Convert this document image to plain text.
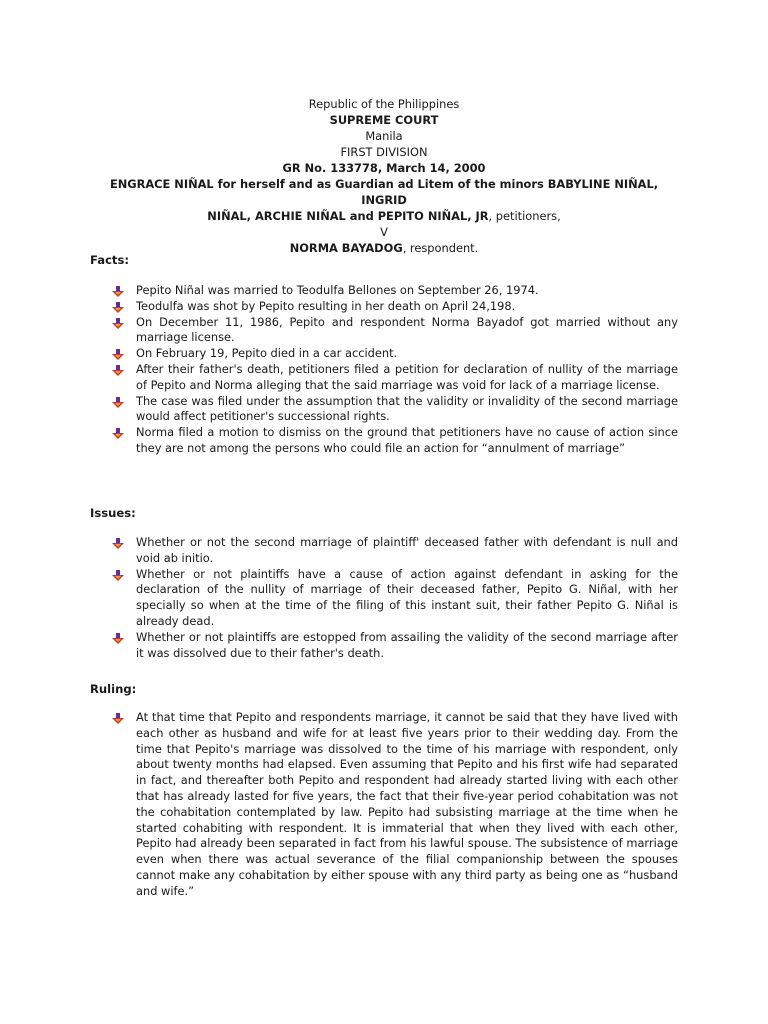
Republic of the Philippines
SUPREME COURT
Manila
FIRST DIVISION
GR No. 133778, March 14, 2000
ENGRACE NIÑAL for herself and as Guardian ad Litem of the minors BABYLINE NIÑAL, INGRID
NIÑAL, ARCHIE NIÑAL and PEPITO NIÑAL, JR, petitioners,
V
NORMA BAYADOG, respondent.
Facts:
Pepito Niñal was married to Teodulfa Bellones on September 26, 1974.
Teodulfa was shot by Pepito resulting in her death on April 24,198.
On December 11, 1986, Pepito and respondent Norma Bayadof got married without any marriage license.
On February 19, Pepito died in a car accident.
After their father's death, petitioners filed a petition for declaration of nullity of the marriage of Pepito and Norma alleging that the said marriage was void for lack of a marriage license.
The case was filed under the assumption that the validity or invalidity of the second marriage would affect petitioner's successional rights.
Norma filed a motion to dismiss on the ground that petitioners have no cause of action since they are not among the persons who could file an action for “annulment of marriage”
Issues:
Whether or not the second marriage of plaintiff' deceased father with defendant is null and void ab initio.
Whether or not plaintiffs have a cause of action against defendant in asking for the declaration of the nullity of marriage of their deceased father, Pepito G. Niñal, with her specially so when at the time of the filing of this instant suit, their father Pepito G. Niñal is already dead.
Whether or not plaintiffs are estopped from assailing the validity of the second marriage after it was dissolved due to their father's death.
Ruling:
At that time that Pepito and respondents marriage, it cannot be said that they have lived with each other as husband and wife for at least five years prior to their wedding day. From the time that Pepito's marriage was dissolved to the time of his marriage with respondent, only about twenty months had elapsed. Even assuming that Pepito and his first wife had separated in fact, and thereafter both Pepito and respondent had already started living with each other that has already lasted for five years, the fact that their five-year period cohabitation was not the cohabitation contemplated by law. Pepito had subsisting marriage at the time when he started cohabiting with respondent. It is immaterial that when they lived with each other, Pepito had already been separated in fact from his lawful spouse. The subsistence of marriage even when there was actual severance of the filial companionship between the spouses cannot make any cohabitation by either spouse with any third party as being one as “husband and wife.”
